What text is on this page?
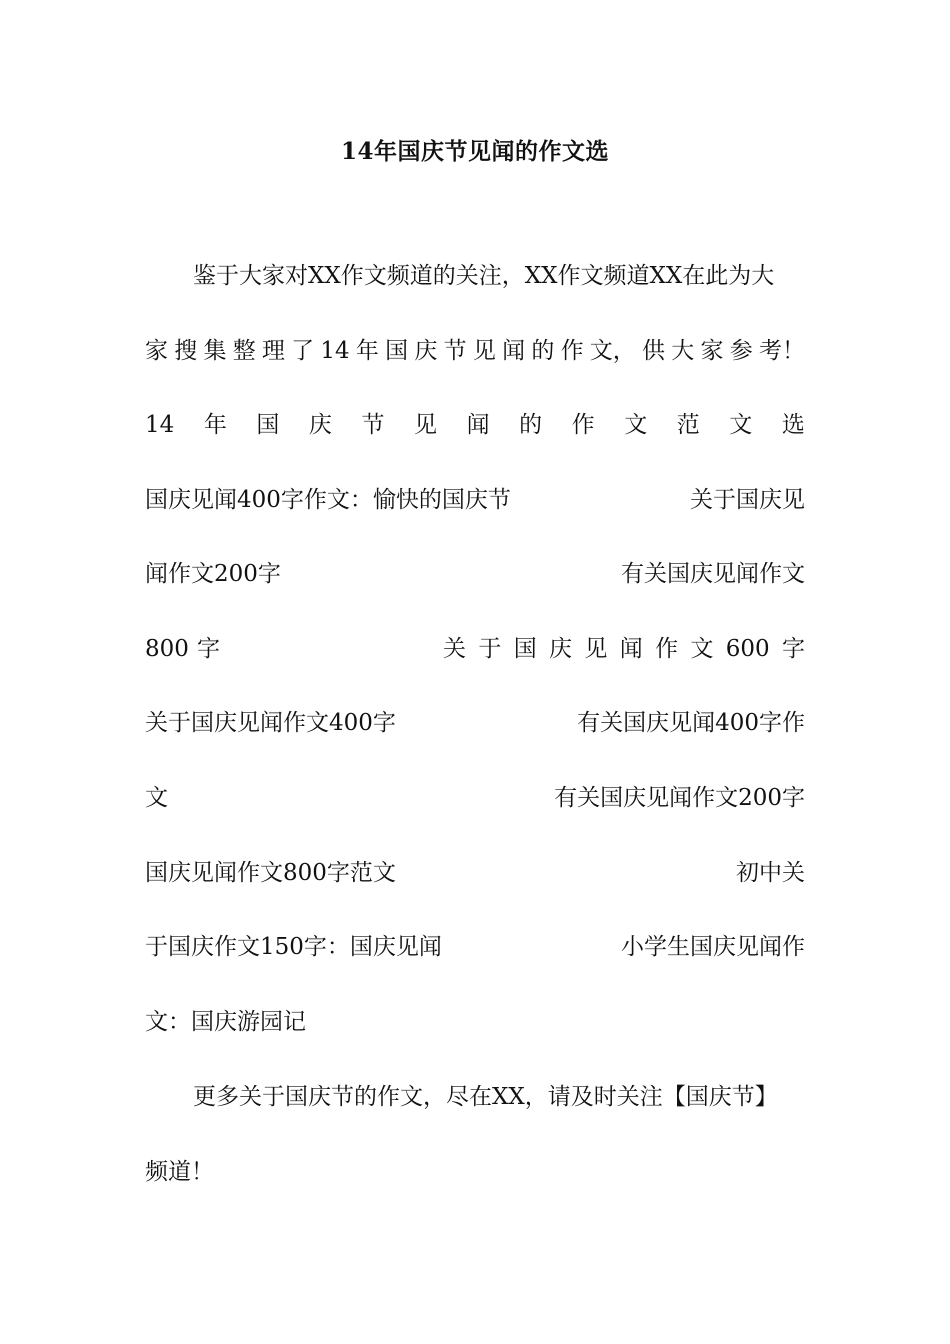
14年国庆节见闻的作文选
鉴于大家对XX作文频道的关注，XX作文频道XX在此为大
家 搜 集 整 理 了 14 年 国 庆 节 见 闻 的 作 文， 供 大 家 参 考！
14 年 国 庆 节 见 闻 的 作 文 范 文 选
国庆见闻400字作文：愉快的国庆节	关于国庆见
闻作文200字	有关国庆见闻作文
800 字	关 于 国 庆 见 闻 作 文 600 字
关于国庆见闻作文400字	有关国庆见闻400字作
文	有关国庆见闻作文200字
国庆见闻作文800字范文	初中关
于国庆作文150字：国庆见闻	小学生国庆见闻作
文：国庆游园记
更多关于国庆节的作文，尽在XX，请及时关注【国庆节】
频道！
